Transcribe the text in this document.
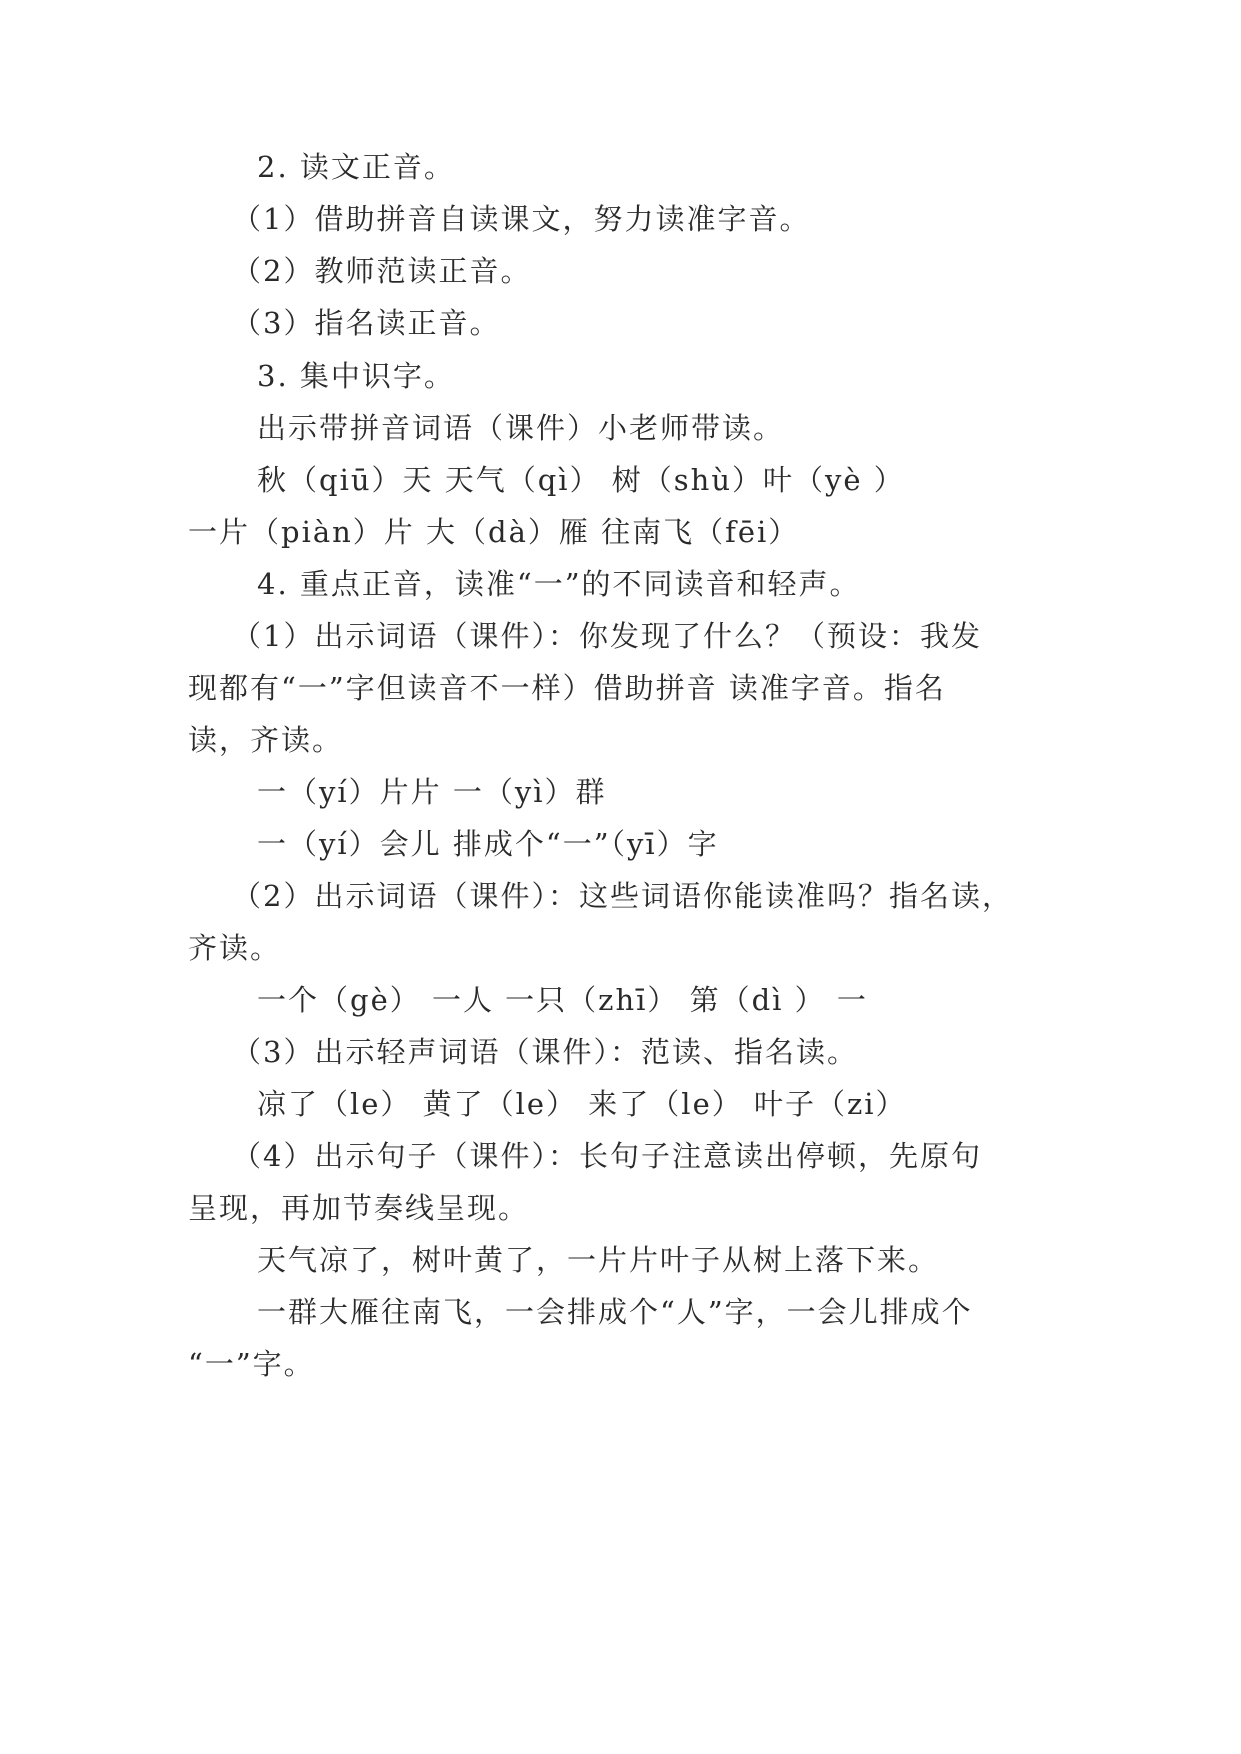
2. 读文正音。
（1）借助拼音自读课文，努力读准字音。
（2）教师范读正音。
（3）指名读正音。
3. 集中识字。
出示带拼音词语（课件）小老师带读。
秋（qiū）天 天气（qì） 树（shù）叶（yè ）
一片（piàn）片 大（dà）雁 往南飞（fēi）
4. 重点正音，读准“一”的不同读音和轻声。
（1）出示词语（课件）：你发现了什么？（预设：我发
现都有“一”字但读音不一样）借助拼音 读准字音。指名
读，齐读。
一（yí）片片 一（yì）群
一（yí）会儿 排成个“一”（yī）字
（2）出示词语（课件）：这些词语你能读准吗？指名读，
齐读。
一个（gè） 一人 一只（zhī） 第（dì ） 一
（3）出示轻声词语（课件）：范读、指名读。
凉了（le） 黄了（le） 来了（le） 叶子（zi）
（4）出示句子（课件）：长句子注意读出停顿，先原句
呈现，再加节奏线呈现。
天气凉了，树叶黄了，一片片叶子从树上落下来。
一群大雁往南飞，一会排成个“人”字，一会儿排成个
“一”字。
